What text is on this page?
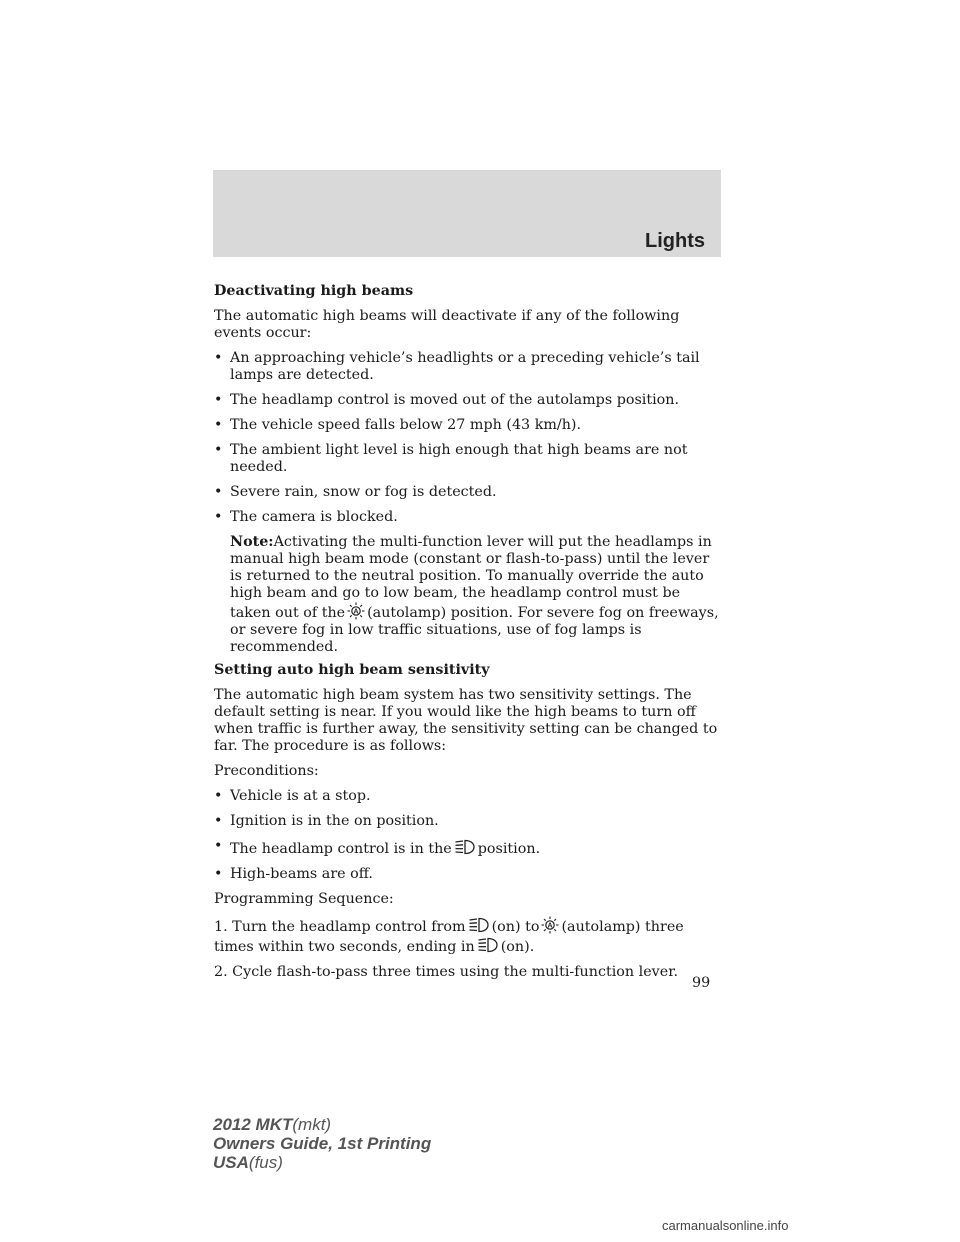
Lights

Deactivating high beams

The automatic high beams will deactivate if any of the following events occur:

• An approaching vehicle’s headlights or a preceding vehicle’s tail lamps are detected.

• The headlamp control is moved out of the autolamps position.

• The vehicle speed falls below 27 mph (43 km/h).

• The ambient light level is high enough that high beams are not needed.

• Severe rain, snow or fog is detected.

• The camera is blocked.

Note:Activating the multi-function lever will put the headlamps in manual high beam mode (constant or flash-to-pass) until the lever is returned to the neutral position. To manually override the auto high beam and go to low beam, the headlamp control must be taken out of the A (autolamp) position. For severe fog on freeways, or severe fog in low traffic situations, use of fog lamps is recommended.

Setting auto high beam sensitivity

The automatic high beam system has two sensitivity settings. The default setting is near. If you would like the high beams to turn off when traffic is further away, the sensitivity setting can be changed to far. The procedure is as follows:

Preconditions:

• Vehicle is at a stop.

• Ignition is in the on position.

• The headlamp control is in the position.

• High-beams are off.

Programming Sequence:

1. Turn the headlamp control from (on) to A (autolamp) three times within two seconds, ending in (on).

2. Cycle flash-to-pass three times using the multi-function lever.

99
2012 MKT(mkt)
Owners Guide, 1st Printing
USA(fus)
carmanualsonline.info
